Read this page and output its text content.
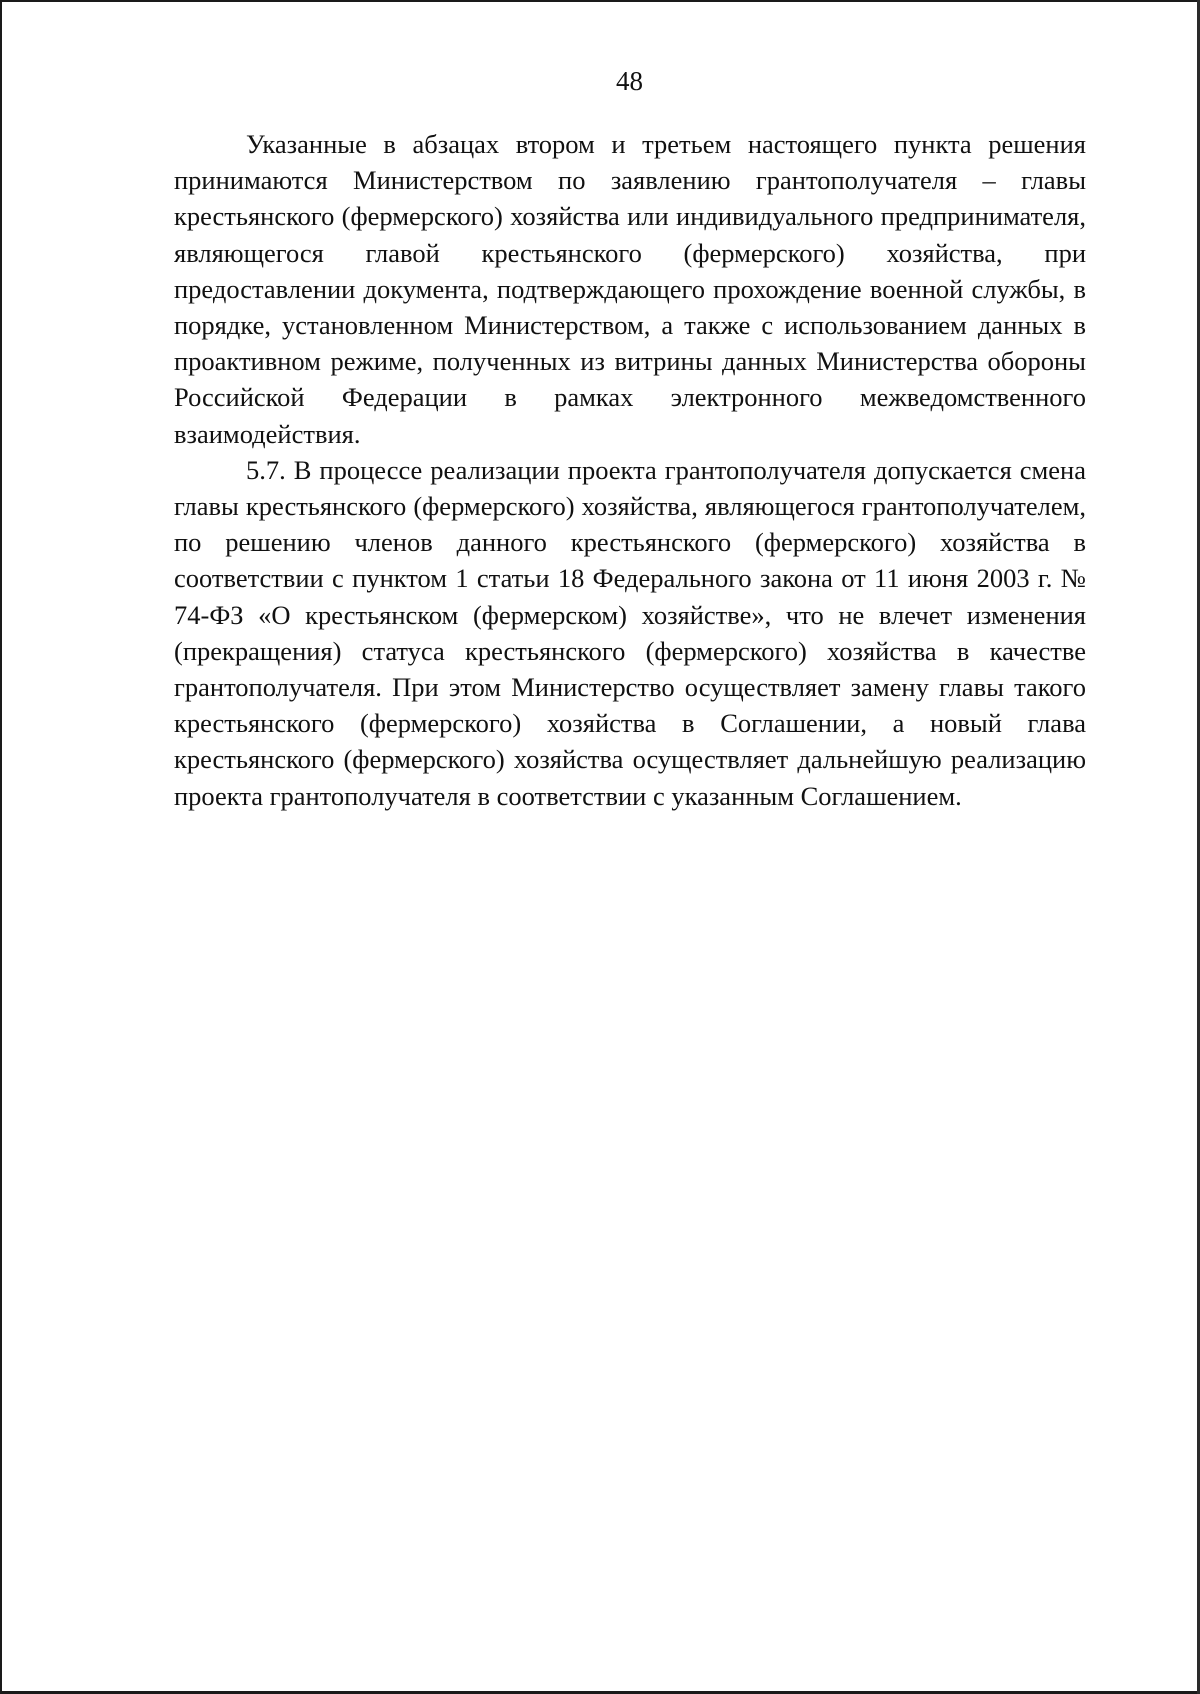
48

Указанные в абзацах втором и третьем настоящего пункта решения принимаются Министерством по заявлению грантополучателя – главы крестьянского (фермерского) хозяйства или индивидуального предпринимателя, являющегося главой крестьянского (фермерского) хозяйства, при предоставлении документа, подтверждающего прохождение военной службы, в порядке, установленном Министерством, а также с использованием данных в проактивном режиме, полученных из витрины данных Министерства обороны Российской Федерации в рамках электронного межведомственного взаимодействия.

5.7. В процессе реализации проекта грантополучателя допускается смена главы крестьянского (фермерского) хозяйства, являющегося грантополучателем, по решению членов данного крестьянского (фермерского) хозяйства в соответствии с пунктом 1 статьи 18 Федерального закона от 11 июня 2003 г. № 74-ФЗ «О крестьянском (фермерском) хозяйстве», что не влечет изменения (прекращения) статуса крестьянского (фермерского) хозяйства в качестве грантополучателя. При этом Министерство осуществляет замену главы такого крестьянского (фермерского) хозяйства в Соглашении, а новый глава крестьянского (фермерского) хозяйства осуществляет дальнейшую реализацию проекта грантополучателя в соответствии с указанным Соглашением.
